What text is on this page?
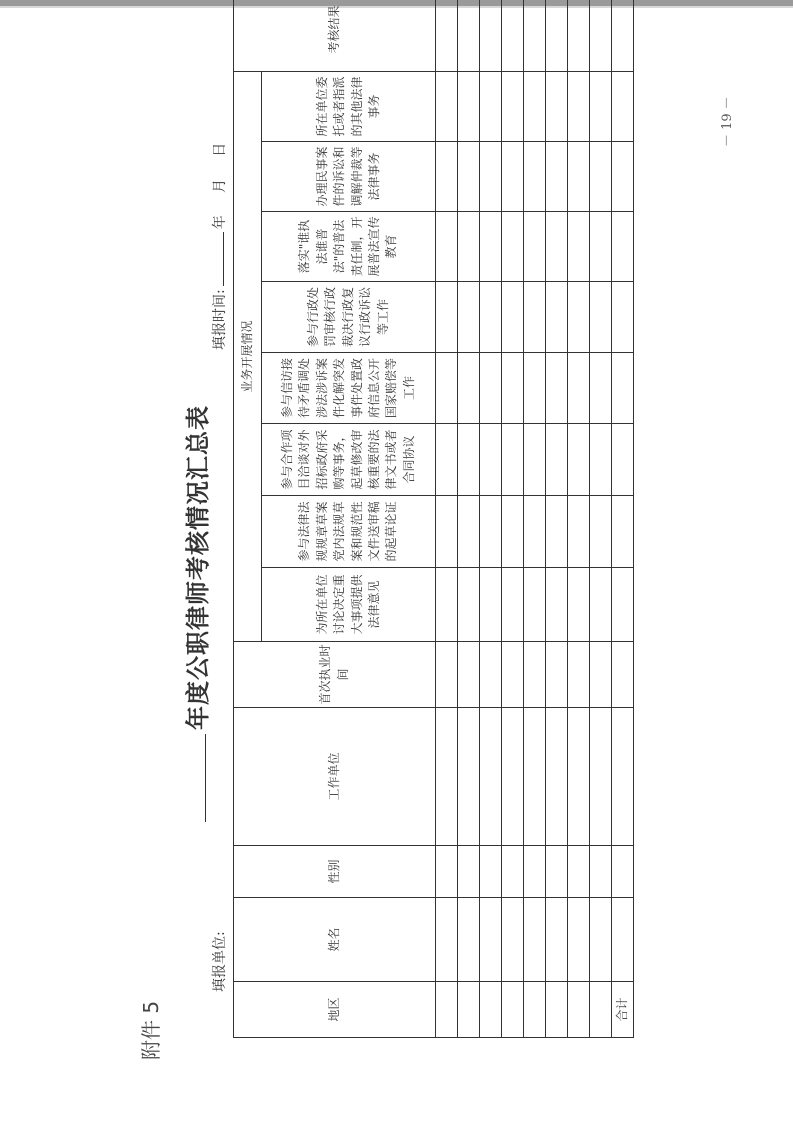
附件 5
年度公职律师考核情况汇总表
填报单位:
填报时间:年     月     日
－ 19 －
地区	姓名	性别	工作单位	首次执业时间	业务开展情况								考核结果
					为所在单位讨论决定重大事项提供法律意见	参与法律法规规章草案党内法规草案和规范性文件送审稿的起草论证	参与合作项目洽谈对外招标政府采购等事务，起草修改审核重要的法律文书或者合同协议	参与信访接待矛盾调处涉法涉诉案件化解突发事件处置政府信息公开国家赔偿等工作	参与行政处罚审核行政裁决行政复议行政诉讼等工作	落实"谁执法谁普法"的普法责任制，开展普法宣传教育	办理民事案件的诉讼和调解仲裁等法律事务	所在单位委托或者指派的其他法律事务	

合计													
